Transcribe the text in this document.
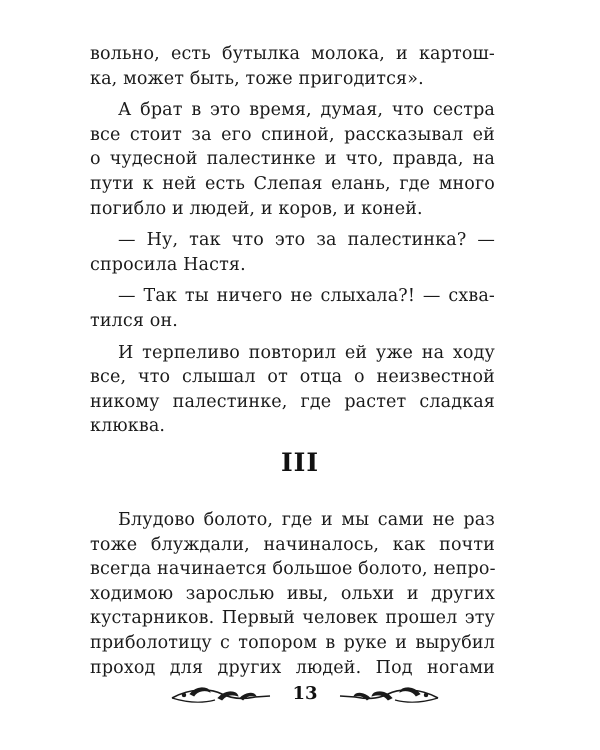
вольно, есть бутылка молока, и картош-
ка, может быть, тоже пригодится».
А брат в это время, думая, что сестра
все стоит за его спиной, рассказывал ей
о чудесной палестинке и что, правда, на
пути к ней есть Слепая елань, где много
погибло и людей, и коров, и коней.
— Ну, так что это за палестинка? —
спросила Настя.
— Так ты ничего не слыхала?! — схва-
тился он.
И терпеливо повторил ей уже на ходу
все, что слышал от отца о неизвестной
никому палестинке, где растет сладкая
клюква.
III
Блудово болото, где и мы сами не раз
тоже блуждали, начиналось, как почти
всегда начинается большое болото, непро-
ходимою зарослью ивы, ольхи и других
кустарников. Первый человек прошел эту
приболотицу с топором в руке и вырубил
проход для других людей. Под ногами
13
